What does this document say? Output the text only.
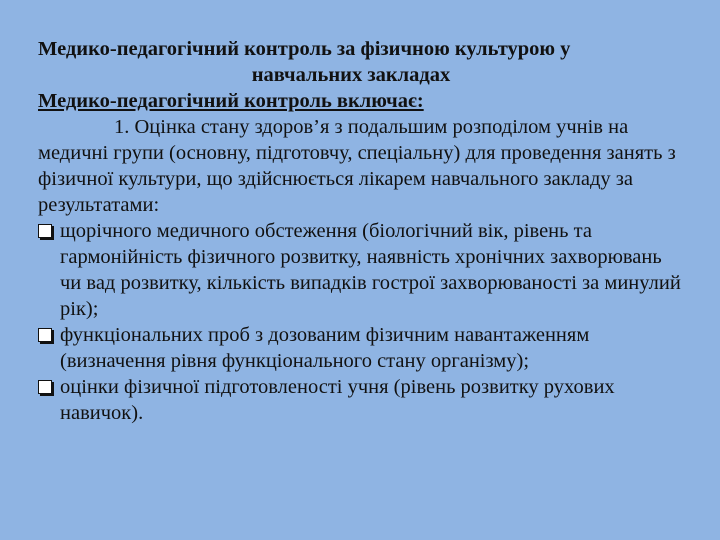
Медико-педагогічний контроль за фізичною культурою у
навчальних закладах
Медико-педагогічний контроль включає:

1. Оцінка стану здоров’я з подальшим розподілом учнів на медичні групи (основну, підготовчу, спеціальну) для проведення занять з фізичної культури, що здійснюється лікарем навчального закладу за результатами:

щорічного медичного обстеження (біологічний вік, рівень та гармонійність фізичного розвитку, наявність хронічних захворювань чи вад розвитку, кількість випадків гострої захворюваності за минулий рік);

функціональних проб з дозованим фізичним навантаженням (визначення рівня функціонального стану організму);

оцінки фізичної підготовленості учня (рівень розвитку рухових навичок).
